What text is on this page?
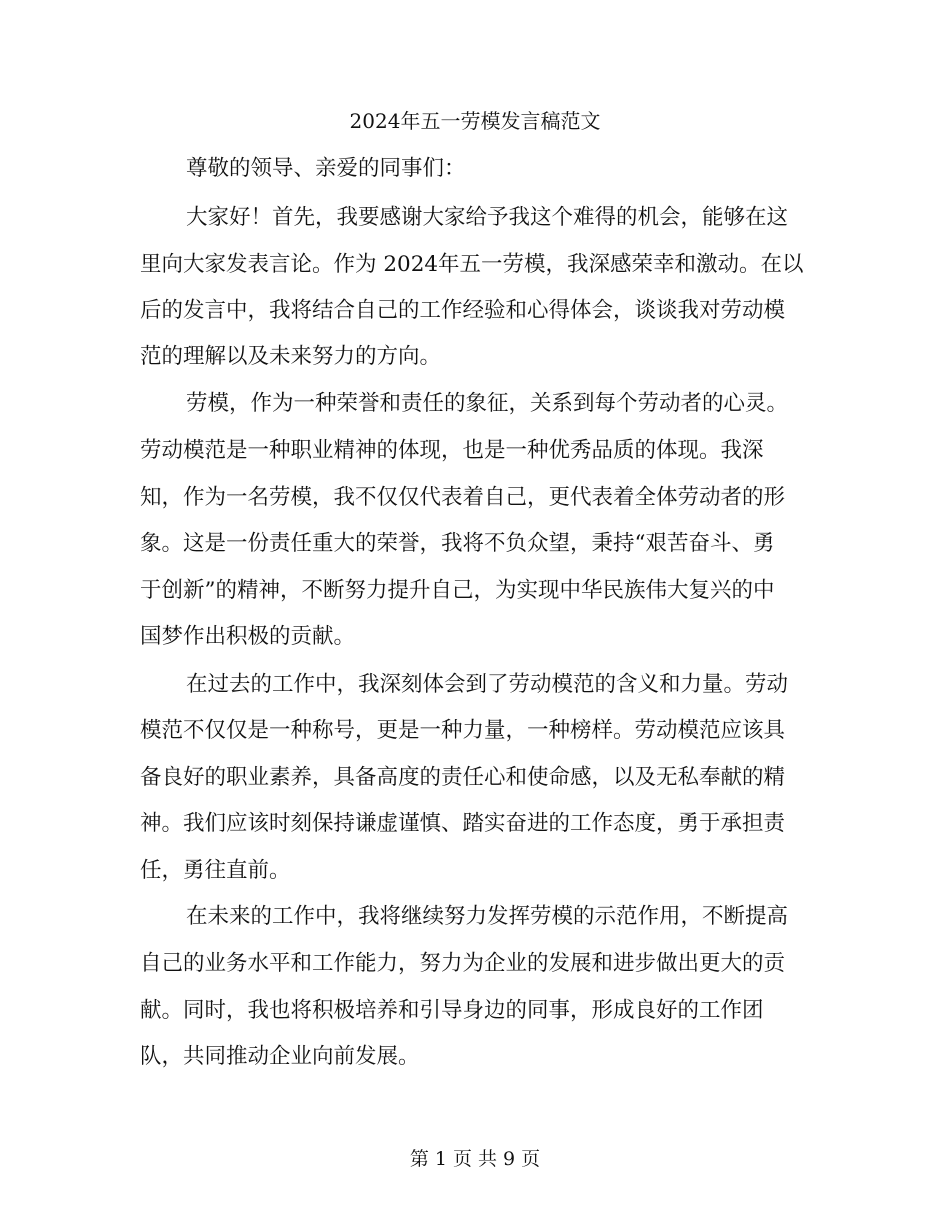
2024年五一劳模发言稿范文
尊敬的领导、亲爱的同事们：
大家好！首先，我要感谢大家给予我这个难得的机会，能够在这
里向大家发表言论。作为 2024年五一劳模，我深感荣幸和激动。在以
后的发言中，我将结合自己的工作经验和心得体会，谈谈我对劳动模
范的理解以及未来努力的方向。
劳模，作为一种荣誉和责任的象征，关系到每个劳动者的心灵。
劳动模范是一种职业精神的体现，也是一种优秀品质的体现。我深
知，作为一名劳模，我不仅仅代表着自己，更代表着全体劳动者的形
象。这是一份责任重大的荣誉，我将不负众望，秉持“艰苦奋斗、勇
于创新”的精神，不断努力提升自己，为实现中华民族伟大复兴的中
国梦作出积极的贡献。
在过去的工作中，我深刻体会到了劳动模范的含义和力量。劳动
模范不仅仅是一种称号，更是一种力量，一种榜样。劳动模范应该具
备良好的职业素养，具备高度的责任心和使命感，以及无私奉献的精
神。我们应该时刻保持谦虚谨慎、踏实奋进的工作态度，勇于承担责
任，勇往直前。
在未来的工作中，我将继续努力发挥劳模的示范作用，不断提高
自己的业务水平和工作能力，努力为企业的发展和进步做出更大的贡
献。同时，我也将积极培养和引导身边的同事，形成良好的工作团
队，共同推动企业向前发展。
第 1 页 共 9 页
